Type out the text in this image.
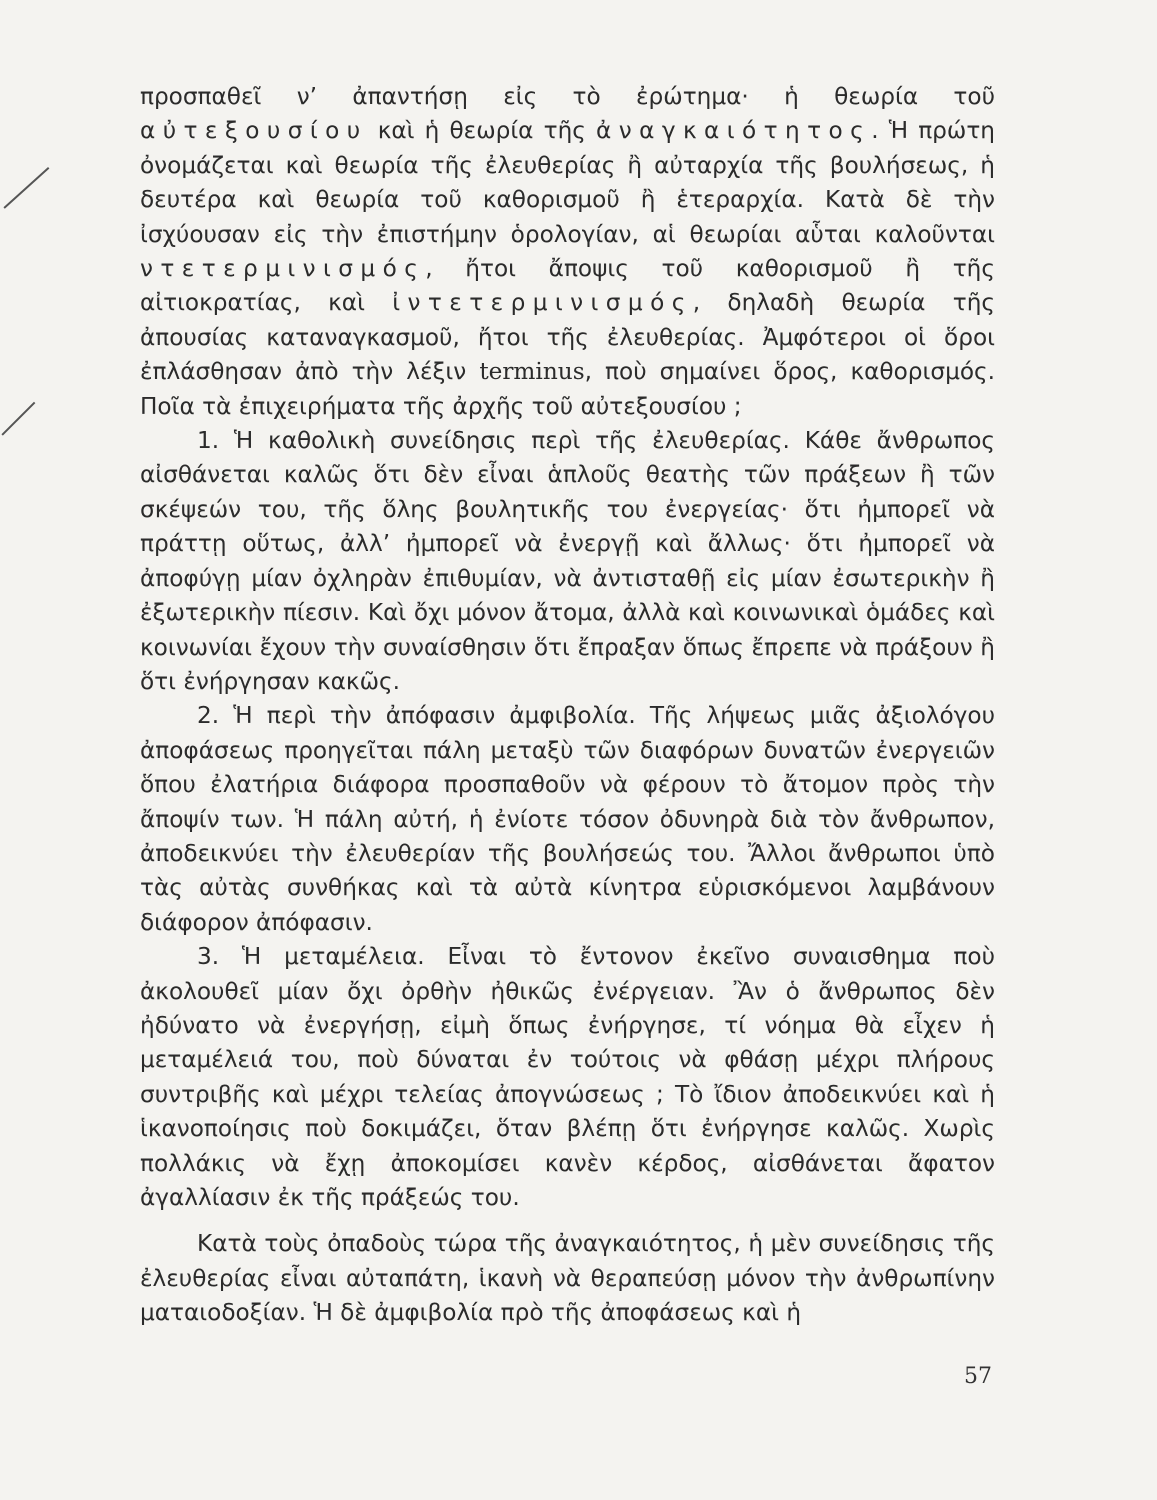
προσπαθεῖ ν’ ἀπαντήσῃ εἰς τὸ ἐρώτημα· ἡ θεωρία τοῦ αὐτεξουσίου καὶ ἡ θεωρία τῆς ἀναγκαιότητος. Ἡ πρώτη ὀνομάζεται καὶ θεωρία τῆς ἐλευθερίας ἢ αὐταρχία τῆς βουλήσεως, ἡ δευτέρα καὶ θεωρία τοῦ καθορισμοῦ ἢ ἑτεραρχία. Κατὰ δὲ τὴν ἰσχύουσαν εἰς τὴν ἐπιστήμην ὁρολογίαν, αἱ θεωρίαι αὗται καλοῦνται ντετερμινισμός, ἤτοι ἄποψις τοῦ καθορισμοῦ ἢ τῆς αἰτιοκρατίας, καὶ ἰντετερμινισμός, δηλαδὴ θεωρία τῆς ἀπουσίας καταναγκασμοῦ, ἤτοι τῆς ἐλευθερίας. Ἀμφότεροι οἱ ὅροι ἐπλάσθησαν ἀπὸ τὴν λέξιν terminus, ποὺ σημαίνει ὅρος, καθορισμός. Ποῖα τὰ ἐπιχειρήματα τῆς ἀρχῆς τοῦ αὐτεξουσίου ;

1. Ἡ καθολικὴ συνείδησις περὶ τῆς ἐλευθερίας. Κάθε ἄνθρωπος αἰσθάνεται καλῶς ὅτι δὲν εἶναι ἁπλοῦς θεατὴς τῶν πράξεων ἢ τῶν σκέψεών του, τῆς ὅλης βουλητικῆς του ἐνεργείας· ὅτι ἠμπορεῖ νὰ πράττῃ οὕτως, ἀλλ’ ἠμπορεῖ νὰ ἐνεργῇ καὶ ἄλλως· ὅτι ἠμπορεῖ νὰ ἀποφύγῃ μίαν ὀχληρὰν ἐπιθυμίαν, νὰ ἀντισταθῇ εἰς μίαν ἐσωτερικὴν ἢ ἐξωτερικὴν πίεσιν. Καὶ ὄχι μόνον ἄτομα, ἀλλὰ καὶ κοινωνικαὶ ὁμάδες καὶ κοινωνίαι ἔχουν τὴν συναίσθησιν ὅτι ἔπραξαν ὅπως ἔπρεπε νὰ πράξουν ἢ ὅτι ἐνήργησαν κακῶς.

2. Ἡ περὶ τὴν ἀπόφασιν ἀμφιβολία. Τῆς λήψεως μιᾶς ἀξιολόγου ἀποφάσεως προηγεῖται πάλη μεταξὺ τῶν διαφόρων δυνατῶν ἐνεργειῶν ὅπου ἐλατήρια διάφορα προσπαθοῦν νὰ φέρουν τὸ ἄτομον πρὸς τὴν ἄποψίν των. Ἡ πάλη αὐτή, ἡ ἐνίοτε τόσον ὀδυνηρὰ διὰ τὸν ἄνθρωπον, ἀποδεικνύει τὴν ἐλευθερίαν τῆς βουλήσεώς του. Ἄλλοι ἄνθρωποι ὑπὸ τὰς αὐτὰς συνθήκας καὶ τὰ αὐτὰ κίνητρα εὑρισκόμενοι λαμβάνουν διάφορον ἀπόφασιν.

3. Ἡ μεταμέλεια. Εἶναι τὸ ἔντονον ἐκεῖνο συναισθημα ποὺ ἀκολουθεῖ μίαν ὄχι ὀρθὴν ἠθικῶς ἐνέργειαν. Ἂν ὁ ἄνθρωπος δὲν ἠδύνατο νὰ ἐνεργήσῃ, εἰμὴ ὅπως ἐνήργησε, τί νόημα θὰ εἶχεν ἡ μεταμέλειά του, ποὺ δύναται ἐν τούτοις νὰ φθάσῃ μέχρι πλήρους συντριβῆς καὶ μέχρι τελείας ἀπογνώσεως ; Τὸ ἴδιον ἀποδεικνύει καὶ ἡ ἱκανοποίησις ποὺ δοκιμάζει, ὅταν βλέπῃ ὅτι ἐνήργησε καλῶς. Χωρὶς πολλάκις νὰ ἔχῃ ἀποκομίσει κανὲν κέρδος, αἰσθάνεται ἄφατον ἀγαλλίασιν ἐκ τῆς πράξεώς του.

Κατὰ τοὺς ὀπαδοὺς τώρα τῆς ἀναγκαιότητος, ἡ μὲν συνείδησις τῆς ἐλευθερίας εἶναι αὐταπάτη, ἱκανὴ νὰ θεραπεύσῃ μόνον τὴν ἀνθρωπίνην ματαιοδοξίαν. Ἡ δὲ ἀμφιβολία πρὸ τῆς ἀποφάσεως καὶ ἡ

57
